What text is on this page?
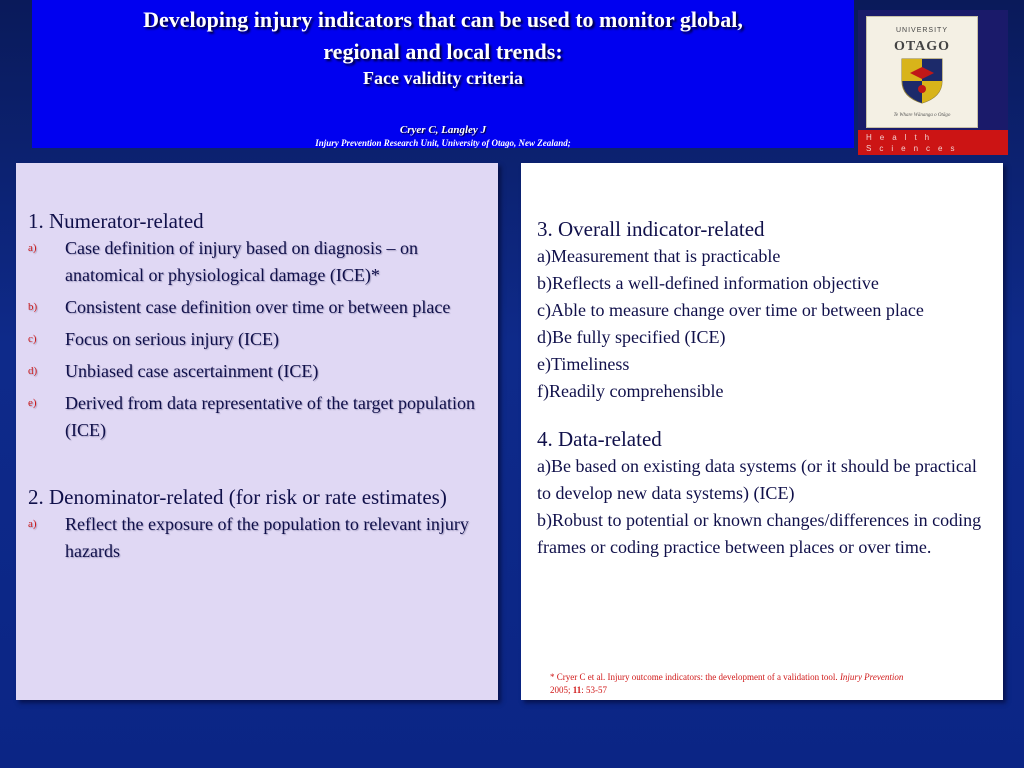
Developing injury indicators that can be used to monitor global,
regional and local trends:
Face validity criteria
Cryer C, Langley J
Injury Prevention Research Unit, University of Otago, New Zealand;
UNIVERSITY
OTAGO
Te Whare Wānanga o Otāgo
Health
Sciences
1. Numerator-related
a) Case definition of injury based on diagnosis – on anatomical or physiological damage (ICE)*
b) Consistent case definition over time or between place
c) Focus on serious injury (ICE)
d) Unbiased case ascertainment (ICE)
e) Derived from data representative of the target population (ICE)
2. Denominator-related (for risk or rate estimates)
a) Reflect the exposure of the population to relevant injury hazards
3. Overall indicator-related
a)Measurement that is practicable
b)Reflects a well-defined information objective
c)Able to measure change over time or between place
d)Be fully specified (ICE)
e)Timeliness
f)Readily comprehensible
4. Data-related
a)Be based on existing data systems (or it should be practical to develop new data systems) (ICE)
b)Robust to potential or known changes/differences in coding frames or coding practice between places or over time.
* Cryer C et al. Injury outcome indicators: the development of a validation tool. Injury Prevention
2005; 11: 53-57
